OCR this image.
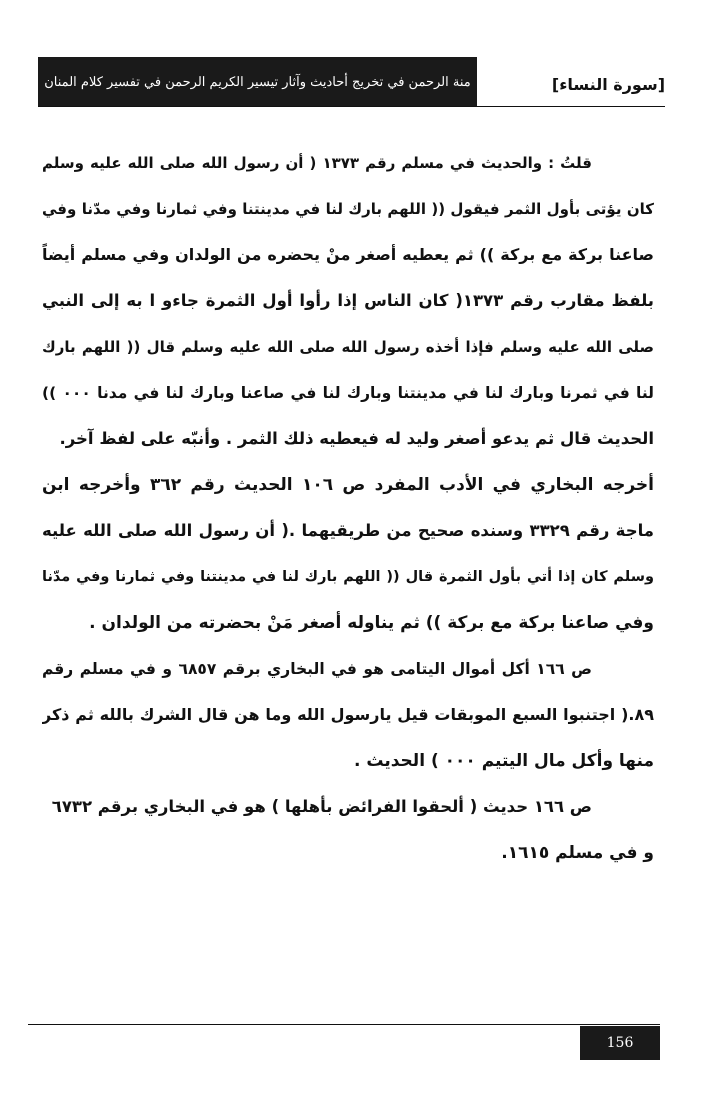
منة الرحمن في تخريج أحاديث وآثار تيسير الكريم الرحمن في تفسير كلام المنان	[سورة النساء]
قلتُ : والحديث في مسلم رقم ١٣٧٣ ( أن رسول الله صلى الله عليه وسلم
كان يؤتى بأول الثمر فيقول (( اللهم بارك لنا في مدينتنا وفي ثمارنا وفي مدّنا وفي
صاعنا بركة مع بركة )) ثم يعطيه أصغر منْ يحضره من الولدان وفي مسلم أيضاً
بلفظ مقارب رقم ١٣٧٣( كان الناس إذا رأوا أول الثمرة جاءو ا به إلى النبي
صلى الله عليه وسلم فإذا أخذه رسول الله صلى الله عليه وسلم قال (( اللهم بارك
لنا في ثمرنا وبارك لنا في مدينتنا وبارك لنا في صاعنا وبارك لنا في مدنا ۰۰۰ ))
الحديث قال ثم يدعو أصغر وليد له فيعطيه ذلك الثمر . وأنبّه على لفظ آخر.
أخرجه البخاري في الأدب المفرد ص ١٠٦ الحديث رقم ٣٦٢ وأخرجه ابن
ماجة رقم ٣٣٢٩ وسنده صحيح من طريقيهما .( أن رسول الله صلى الله عليه
وسلم كان إذا أتي بأول الثمرة قال (( اللهم بارك لنا في مدينتنا وفي ثمارنا وفي مدّنا
وفي صاعنا بركة مع بركة )) ثم يناوله أصغر مَنْ بحضرته من الولدان .
ص ١٦٦ أكل أموال اليتامى هو في البخاري برقم ٦٨٥٧ و في مسلم رقم
٨٩.( اجتنبوا السبع الموبقات قيل يارسول الله وما هن قال الشرك بالله ثم ذكر
منها وأكل مال اليتيم ۰۰۰ ) الحديث .
ص ١٦٦ حديث ( ألحقوا الفرائض بأهلها ) هو في البخاري برقم ٦٧٣٢
و في مسلم ١٦١٥.
156
